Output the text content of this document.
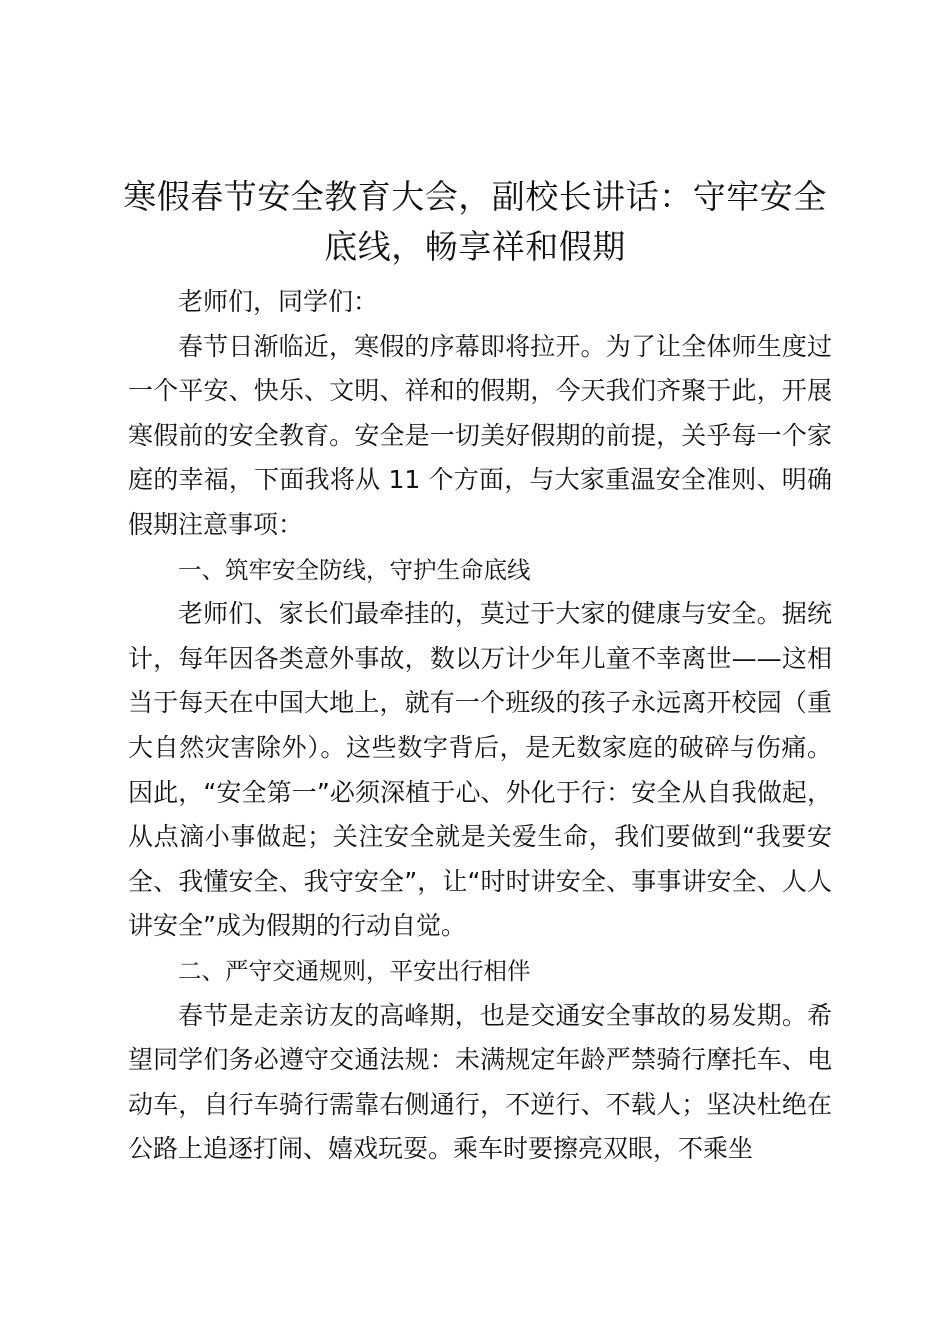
寒假春节安全教育大会，副校长讲话：守牢安全底线，畅享祥和假期

老师们，同学们：

春节日渐临近，寒假的序幕即将拉开。为了让全体师生度过一个平安、快乐、文明、祥和的假期，今天我们齐聚于此，开展寒假前的安全教育。安全是一切美好假期的前提，关乎每一个家庭的幸福，下面我将从 11 个方面，与大家重温安全准则、明确假期注意事项：

一、筑牢安全防线，守护生命底线

老师们、家长们最牵挂的，莫过于大家的健康与安全。据统计，每年因各类意外事故，数以万计少年儿童不幸离世——这相当于每天在中国大地上，就有一个班级的孩子永远离开校园（重大自然灾害除外）。这些数字背后，是无数家庭的破碎与伤痛。因此，“安全第一”必须深植于心、外化于行：安全从自我做起，从点滴小事做起；关注安全就是关爱生命，我们要做到“我要安全、我懂安全、我守安全”，让“时时讲安全、事事讲安全、人人讲安全”成为假期的行动自觉。

二、严守交通规则，平安出行相伴

春节是走亲访友的高峰期，也是交通安全事故的易发期。希望同学们务必遵守交通法规：未满规定年龄严禁骑行摩托车、电动车，自行车骑行需靠右侧通行，不逆行、不载人；坚决杜绝在公路上追逐打闹、嬉戏玩耍。乘车时要擦亮双眼，不乘坐
